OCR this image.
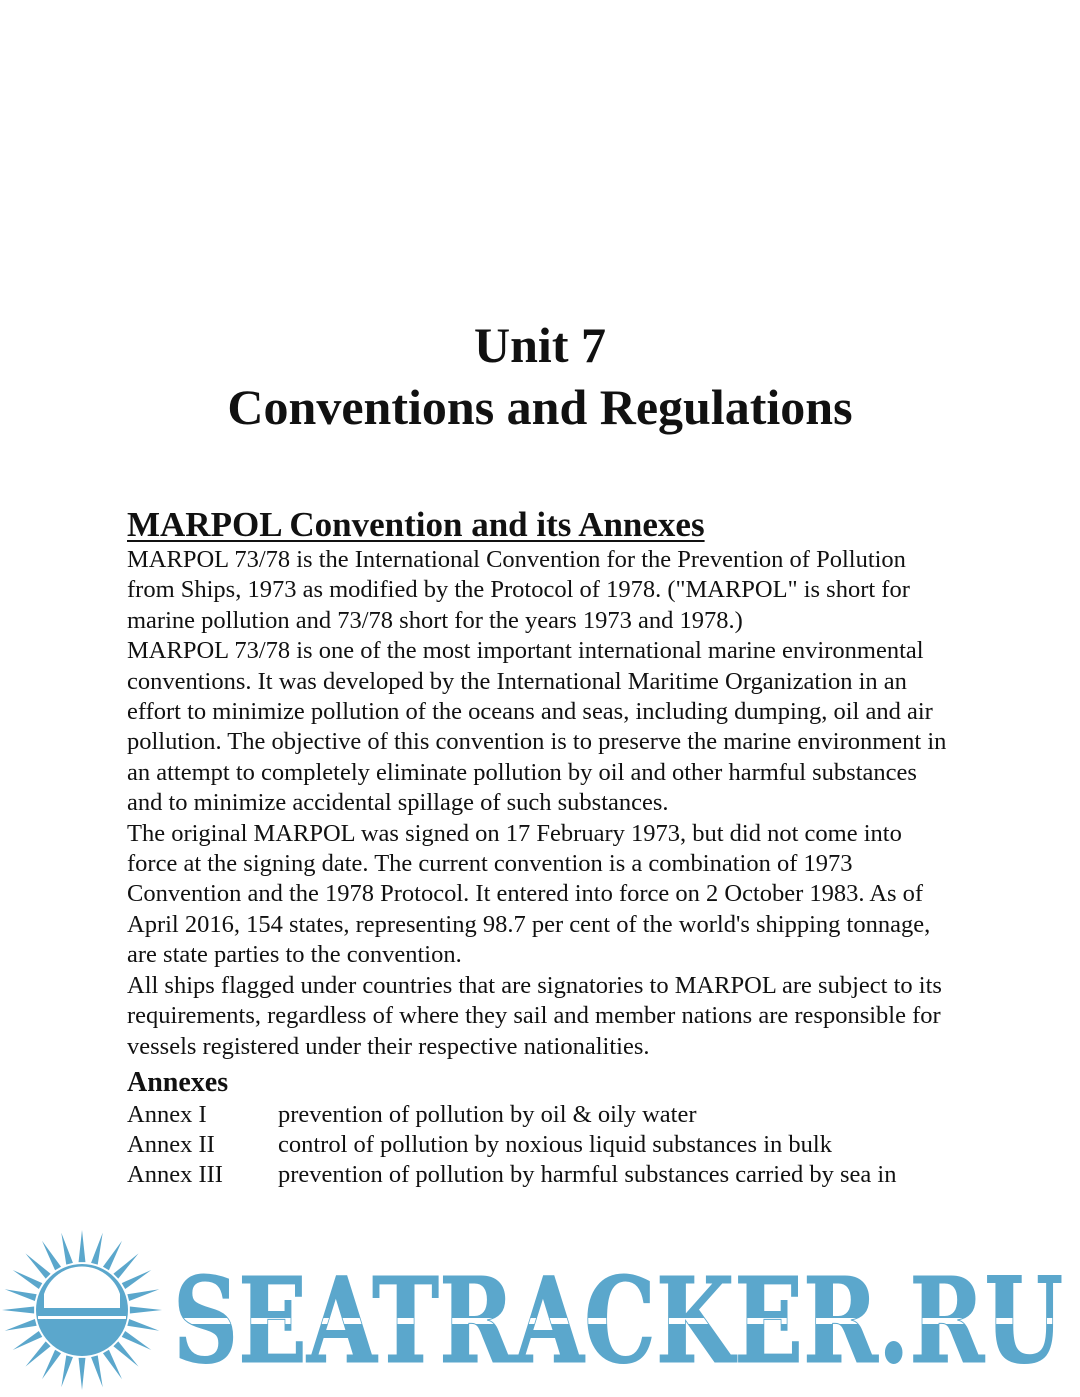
Unit 7
Conventions and Regulations
MARPOL Convention and its Annexes

MARPOL 73/78 is the International Convention for the Prevention of Pollution from Ships, 1973 as modified by the Protocol of 1978. ("MARPOL" is short for marine pollution and 73/78 short for the years 1973 and 1978.)

MARPOL 73/78 is one of the most important international marine environmental conventions. It was developed by the International Maritime Organization in an effort to minimize pollution of the oceans and seas, including dumping, oil and air pollution. The objective of this convention is to preserve the marine environment in an attempt to completely eliminate pollution by oil and other harmful substances and to minimize accidental spillage of such substances.

The original MARPOL was signed on 17 February 1973, but did not come into force at the signing date. The current convention is a combination of 1973 Convention and the 1978 Protocol. It entered into force on 2 October 1983. As of April 2016, 154 states, representing 98.7 per cent of the world's shipping tonnage, are state parties to the convention.

All ships flagged under countries that are signatories to MARPOL are subject to its requirements, regardless of where they sail and member nations are responsible for vessels registered under their respective nationalities.

Annexes
Annex I	prevention of pollution by oil & oily water
Annex II	control of pollution by noxious liquid substances in bulk
Annex III	prevention of pollution by harmful substances carried by sea in
SEATRACKER.RU
